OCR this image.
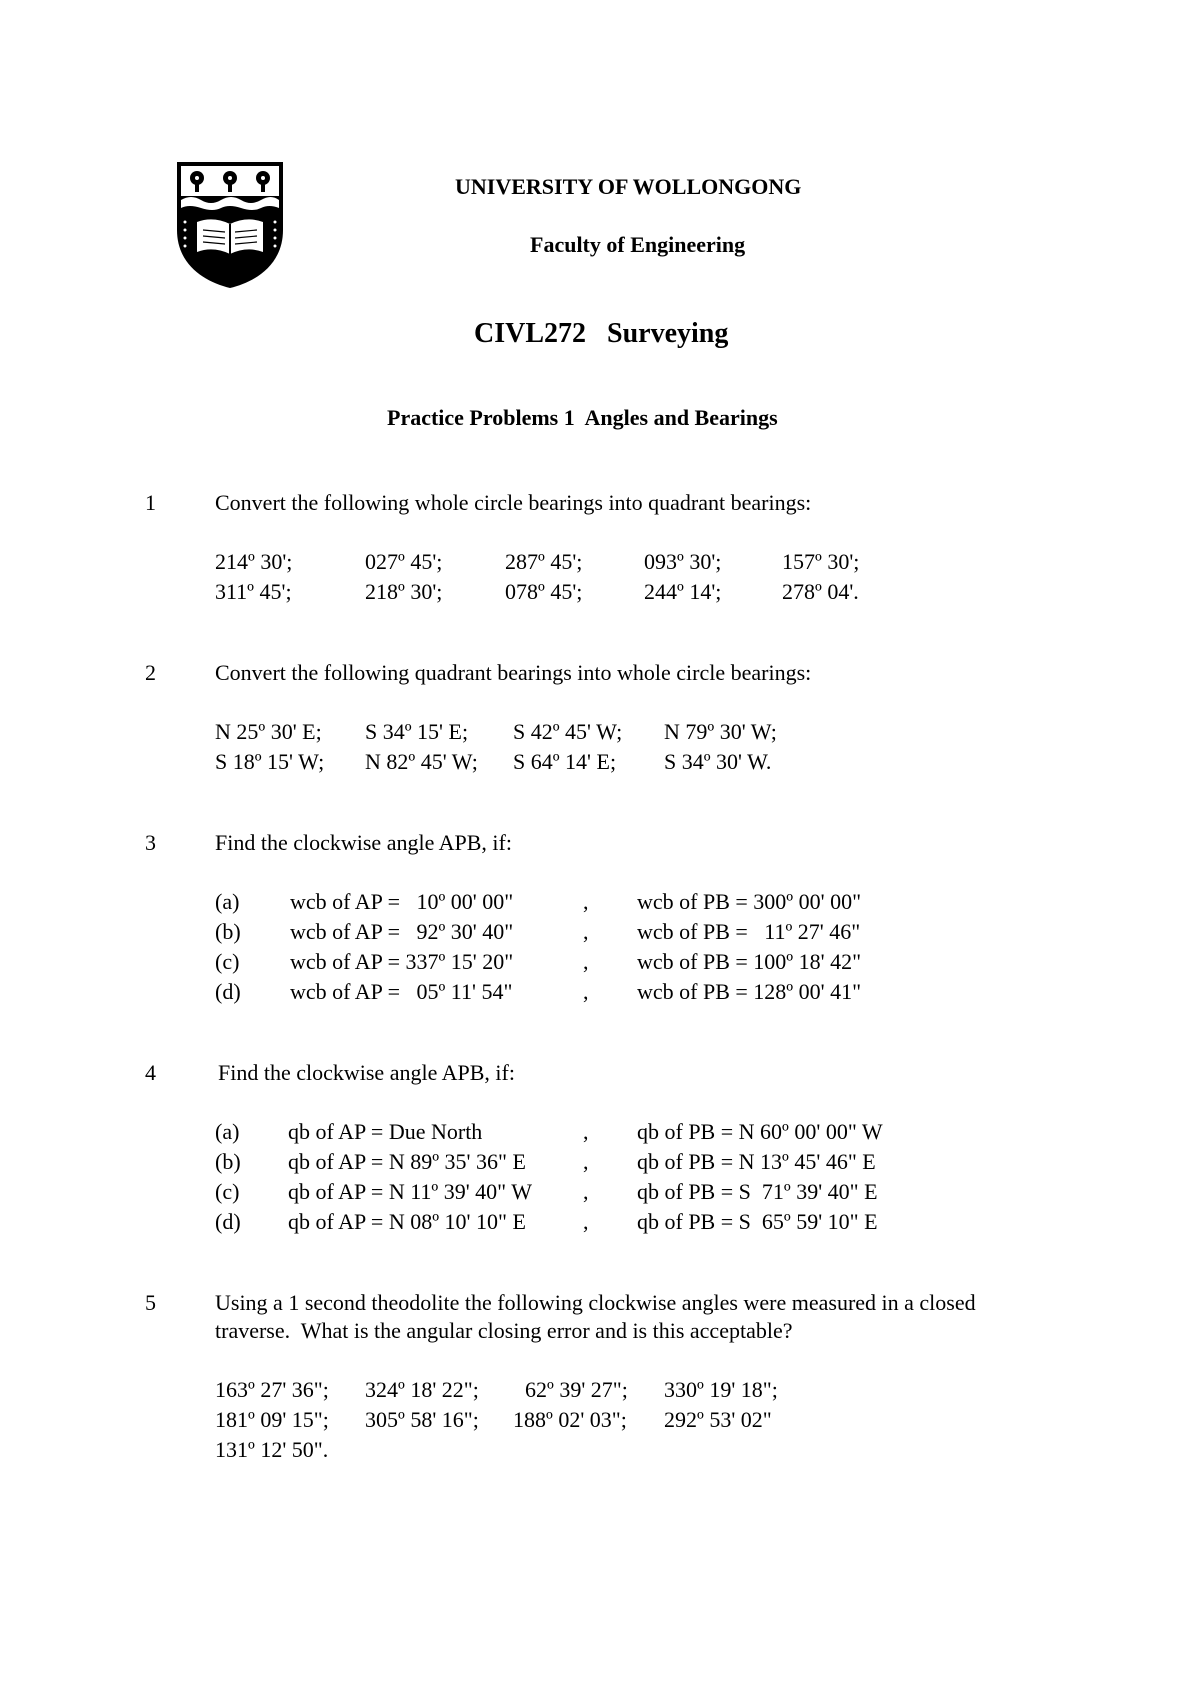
UNIVERSITY OF WOLLONGONG
Faculty of Engineering
CIVL272   Surveying
Practice Problems 1  Angles and Bearings
1	Convert the following whole circle bearings into quadrant bearings:
214º 30';	027º 45';	287º 45';	093º 30';	157º 30';
311º 45';	218º 30';	078º 45';	244º 14';	278º 04'.
2	Convert the following quadrant bearings into whole circle bearings:
N 25º 30' E; S 34º 15' E; S 42º 45' W; N 79º 30' W;
S 18º 15' W; N 82º 45' W; S 64º 14' E; S 34º 30' W.
3	Find the clockwise angle APB, if:
(a) wcb of AP =   10º 00' 00"	, wcb of PB = 300º 00' 00"
(b) wcb of AP =   92º 30' 40"	, wcb of PB =   11º 27' 46"
(c) wcb of AP = 337º 15' 20"	, wcb of PB = 100º 18' 42"
(d) wcb of AP =   05º 11' 54"	, wcb of PB = 128º 00' 41"
4	Find the clockwise angle APB, if:
(a) qb of AP = Due North	, qb of PB = N 60º 00' 00" W
(b) qb of AP = N 89º 35' 36" E	, qb of PB = N 13º 45' 46" E
(c) qb of AP = N 11º 39' 40" W , qb of PB = S  71º 39' 40" E
(d) qb of AP = N 08º 10' 10" E	, qb of PB = S  65º 59' 10" E
5	Using a 1 second theodolite the following clockwise angles were measured in a closed
traverse.  What is the angular closing error and is this acceptable?
163º 27' 36"; 324º 18' 22"; 62º 39' 27"; 330º 19' 18";
181º 09' 15"; 305º 58' 16"; 188º 02' 03"; 292º 53' 02"
131º 12' 50".
